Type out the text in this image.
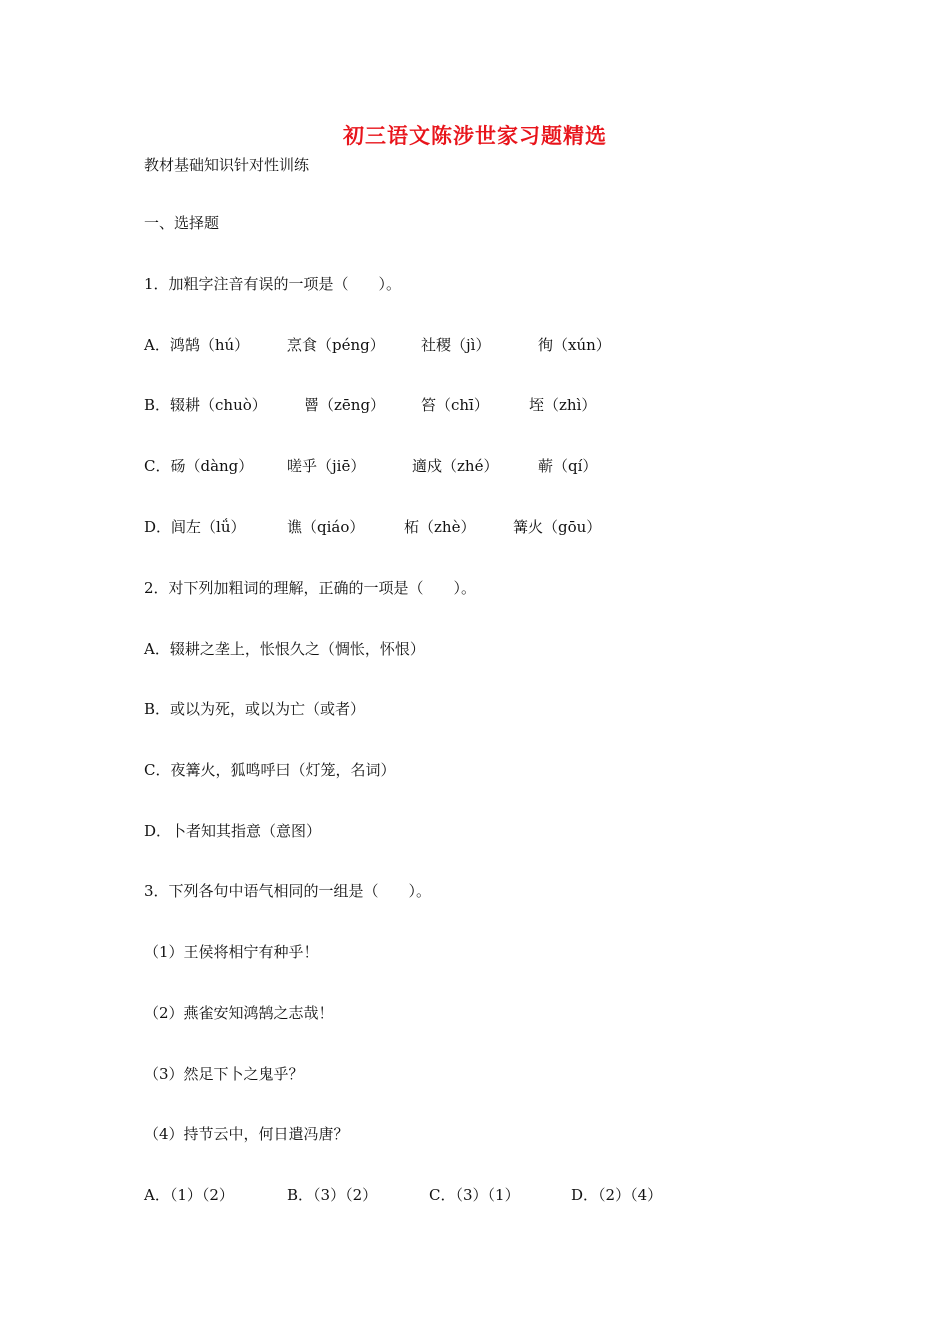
初三语文陈涉世家习题精选
教材基础知识针对性训练
一、选择题
1．加粗字注音有误的一项是（　　）。

A．鸿鹄（hú）

	烹食（péng）

社稷（jì）

	徇（xún）

B．辍耕（chuò）

罾（zēng）

笞（chī）

	垤（zhì）

C．砀（dàng）

嗟乎（jiē）

	適戍（zhé）

	蕲（qí）

D．闾左（lǘ）

	谯（qiáo）

	柘（zhè）

	篝火（gōu）

2．对下列加粗词的理解，正确的一项是（　　）。
A．辍耕之垄上，怅恨久之（惆怅，怀恨）
B．或以为死，或以为亡（或者）
C．夜篝火，狐鸣呼曰（灯笼，名词）
D．卜者知其指意（意图）
3．下列各句中语气相同的一组是（　　）。
（1）王侯将相宁有种乎！
（2）燕雀安知鸿鹄之志哉！
（3）然足下卜之鬼乎？
（4）持节云中，何日遣冯唐？

A．（1）（2）

	B．（3）（2）

	C．（3）（1）

	D．（2）（4）
